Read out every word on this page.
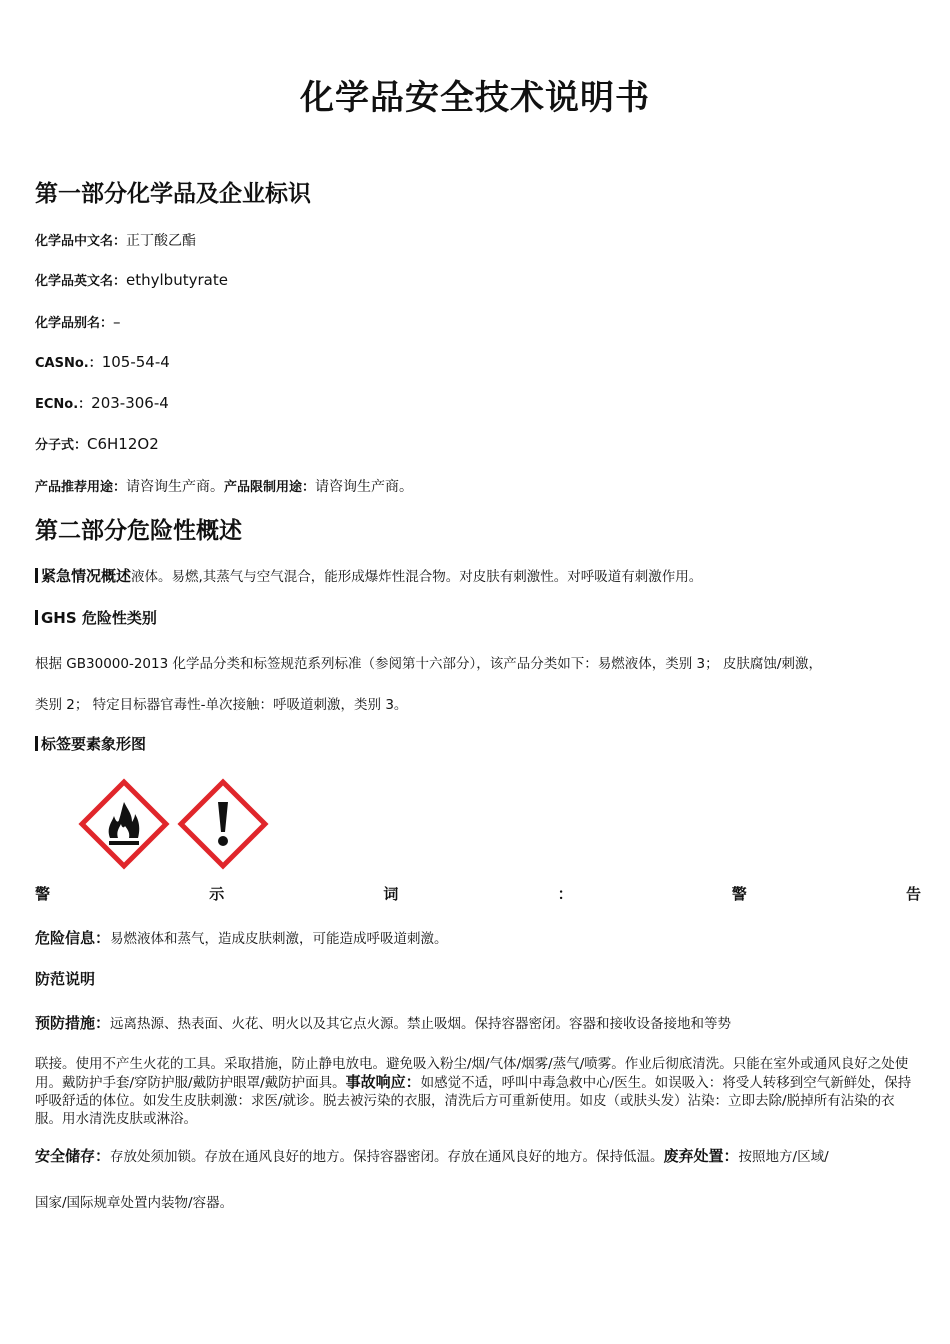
化学品安全技术说明书
第一部分化学品及企业标识
化学品中文名：正丁酸乙酯
化学品英文名：ethylbutyrate
化学品别名：–
CASNo.：105-54-4
ECNo.：203-306-4
分子式：C6H12O2
产品推荐用途：请咨询生产商。产品限制用途：请咨询生产商。
第二部分危险性概述
紧急情况概述液体。易燃,其蒸气与空气混合，能形成爆炸性混合物。对皮肤有刺激性。对呼吸道有刺激作用。
GHS 危险性类别
根据 GB30000-2013 化学品分类和标签规范系列标准（参阅第十六部分），该产品分类如下：易燃液体，类别 3； 皮肤腐蚀/刺激，
类别 2； 特定目标器官毒性-单次接触：呼吸道刺激，类别 3。
标签要素象形图
警	示	词	：	警	告
危险信息：易燃液体和蒸气，造成皮肤刺激，可能造成呼吸道刺激。
防范说明
预防措施：远离热源、热表面、火花、明火以及其它点火源。禁止吸烟。保持容器密闭。容器和接收设备接地和等势
联接。使用不产生火花的工具。采取措施，防止静电放电。避免吸入粉尘/烟/气体/烟雾/蒸气/喷雾。作业后彻底清洗。只能在室外或通风良好之处使用。戴防护手套/穿防护服/戴防护眼罩/戴防护面具。事故响应：如感觉不适，呼叫中毒急救中心/医生。如误吸入：将受人转移到空气新鲜处，保持呼吸舒适的体位。如发生皮肤刺激：求医/就诊。脱去被污染的衣服，清洗后方可重新使用。如皮（或肤头发）沾染：立即去除/脱掉所有沾染的衣服。用水清洗皮肤或淋浴。
安全储存：存放处须加锁。存放在通风良好的地方。保持容器密闭。存放在通风良好的地方。保持低温。废弃处置：按照地方/区域/
国家/国际规章处置内装物/容器。
